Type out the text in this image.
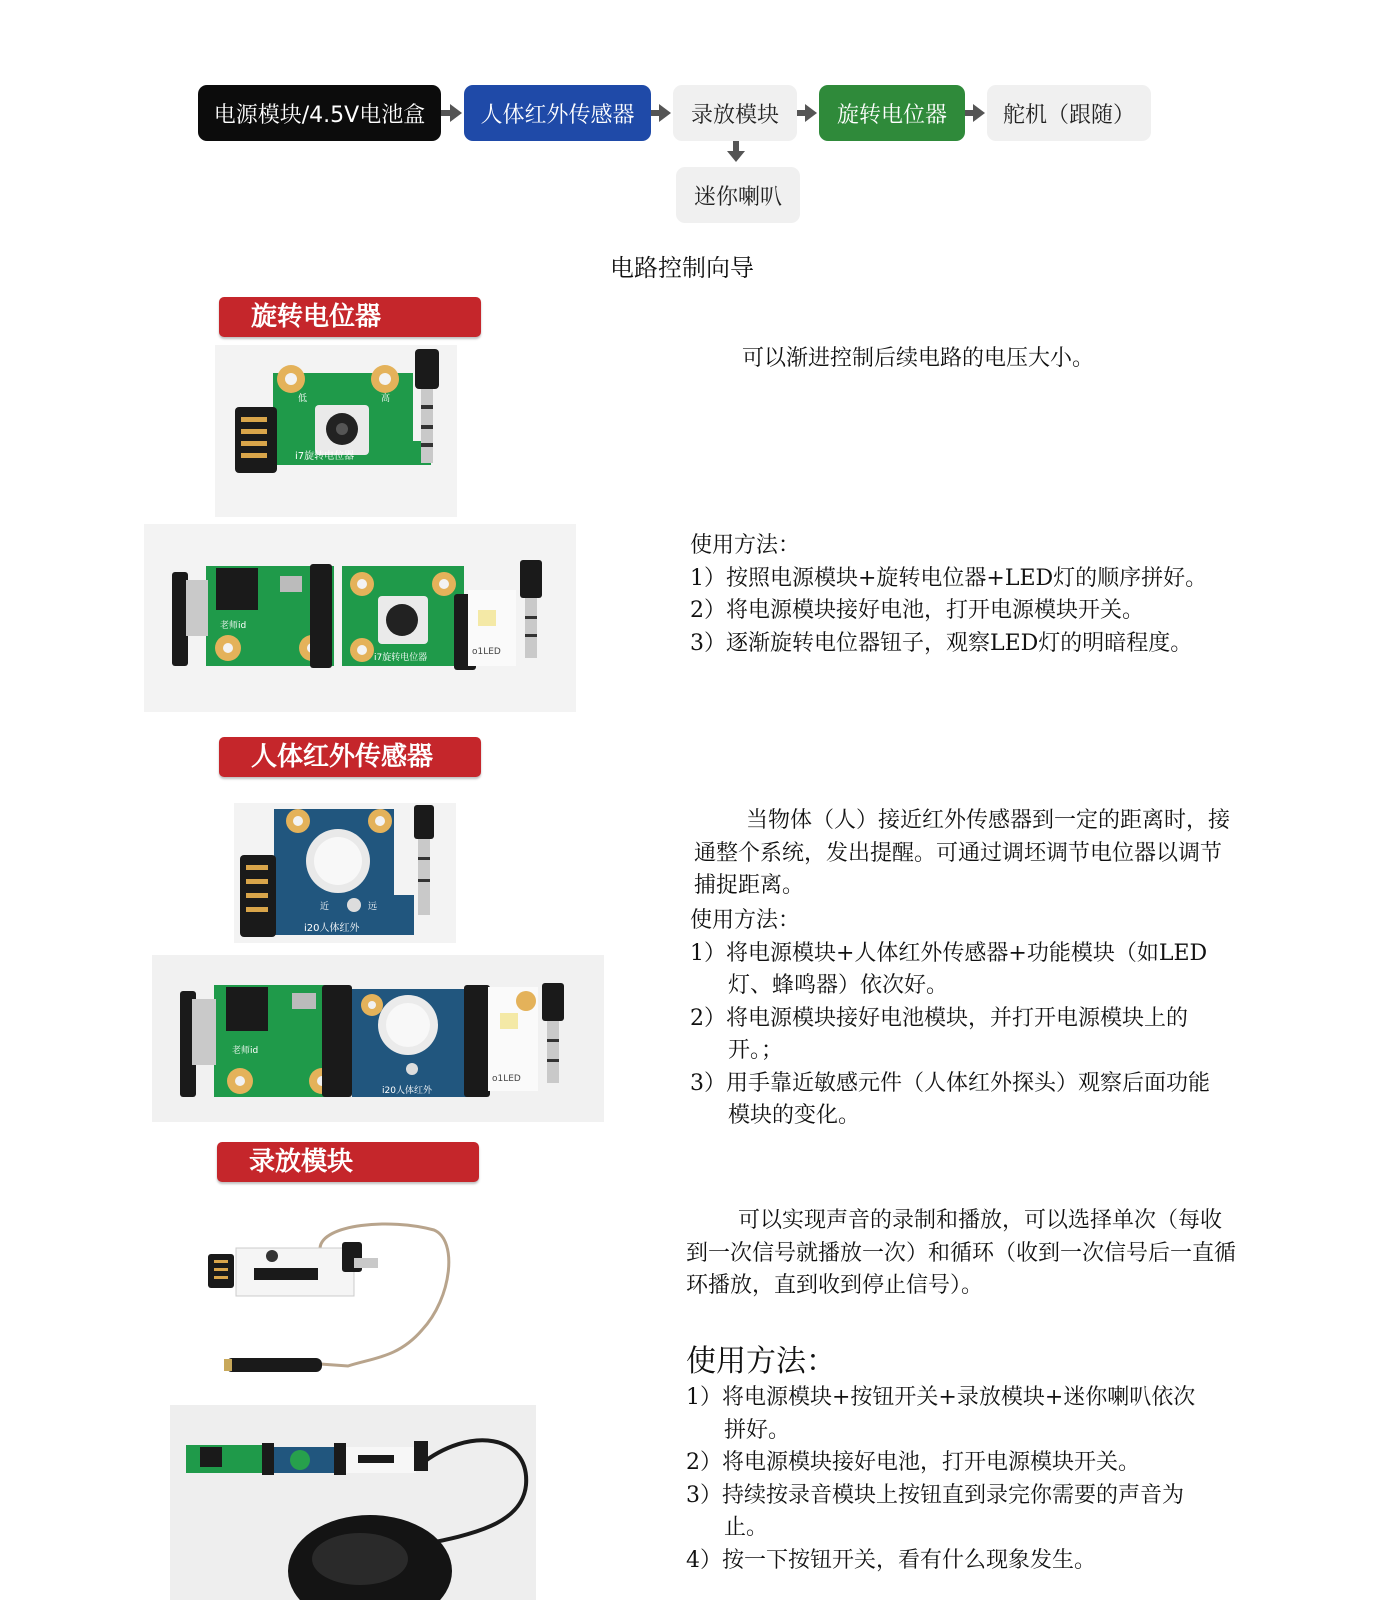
电源模块/4.5V电池盒	人体红外传感器	录放模块	旋转电位器	舵机（跟随）
迷你喇叭
电路控制向导
旋转电位器
低	高
i7旋转电位器
老师id
i7旋转电位器
o1LED
可以渐进控制后续电路的电压大小。

使用方法：

1）按照电源模块+旋转电位器+LED灯的顺序拼好。

2）将电源模块接好电池，打开电源模块开关。

3）逐渐旋转电位器钮子，观察LED灯的明暗程度。

人体红外传感器
近	远
i20人体红外
老师id
i20人体红外
o1LED
当物体（人）接近红外传感器到一定的距离时，接通整个系统，发出提醒。可通过调坯调节电位器以调节捕捉距离。

使用方法：

1）将电源模块+人体红外传感器+功能模块（如LED灯、蜂鸣器）依次好。

2）将电源模块接好电池模块，并打开电源模块上的开。；

3）用手靠近敏感元件（人体红外探头）观察后面功能模块的变化。

录放模块
可以实现声音的录制和播放，可以选择单次（每收到一次信号就播放一次）和循环（收到一次信号后一直循环播放，直到收到停止信号）。

使用方法：

1）将电源模块+按钮开关+录放模块+迷你喇叭依次拼好。

2）将电源模块接好电池，打开电源模块开关。

3）持续按录音模块上按钮直到录完你需要的声音为止。

4）按一下按钮开关，看有什么现象发生。
